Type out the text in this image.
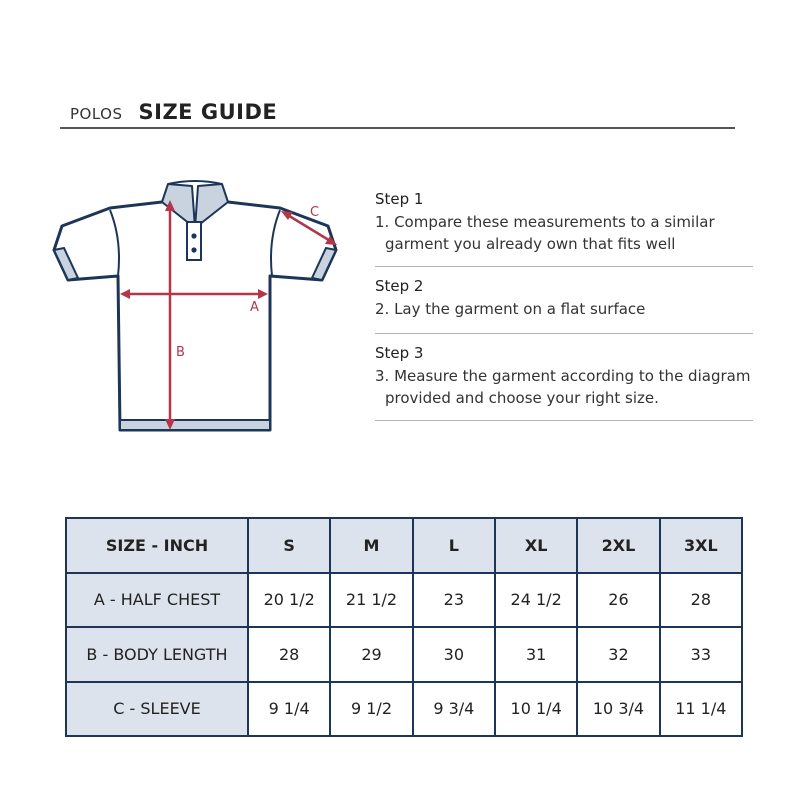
POLOS SIZE GUIDE
A
B
C
Step 1
1. Compare these measurements to a similar garment you already own that fits well
Step 2
2. Lay the garment on a flat surface
Step 3
3. Measure the garment according to the diagram provided and choose your right size.
SIZE - INCH	S	M	L	XL	2XL	3XL
A - HALF CHEST	20 1/2	21 1/2	23	24 1/2	26	28
B - BODY LENGTH	28	29	30	31	32	33
C - SLEEVE	9 1/4	9 1/2	9 3/4	10 1/4	10 3/4	11 1/4
